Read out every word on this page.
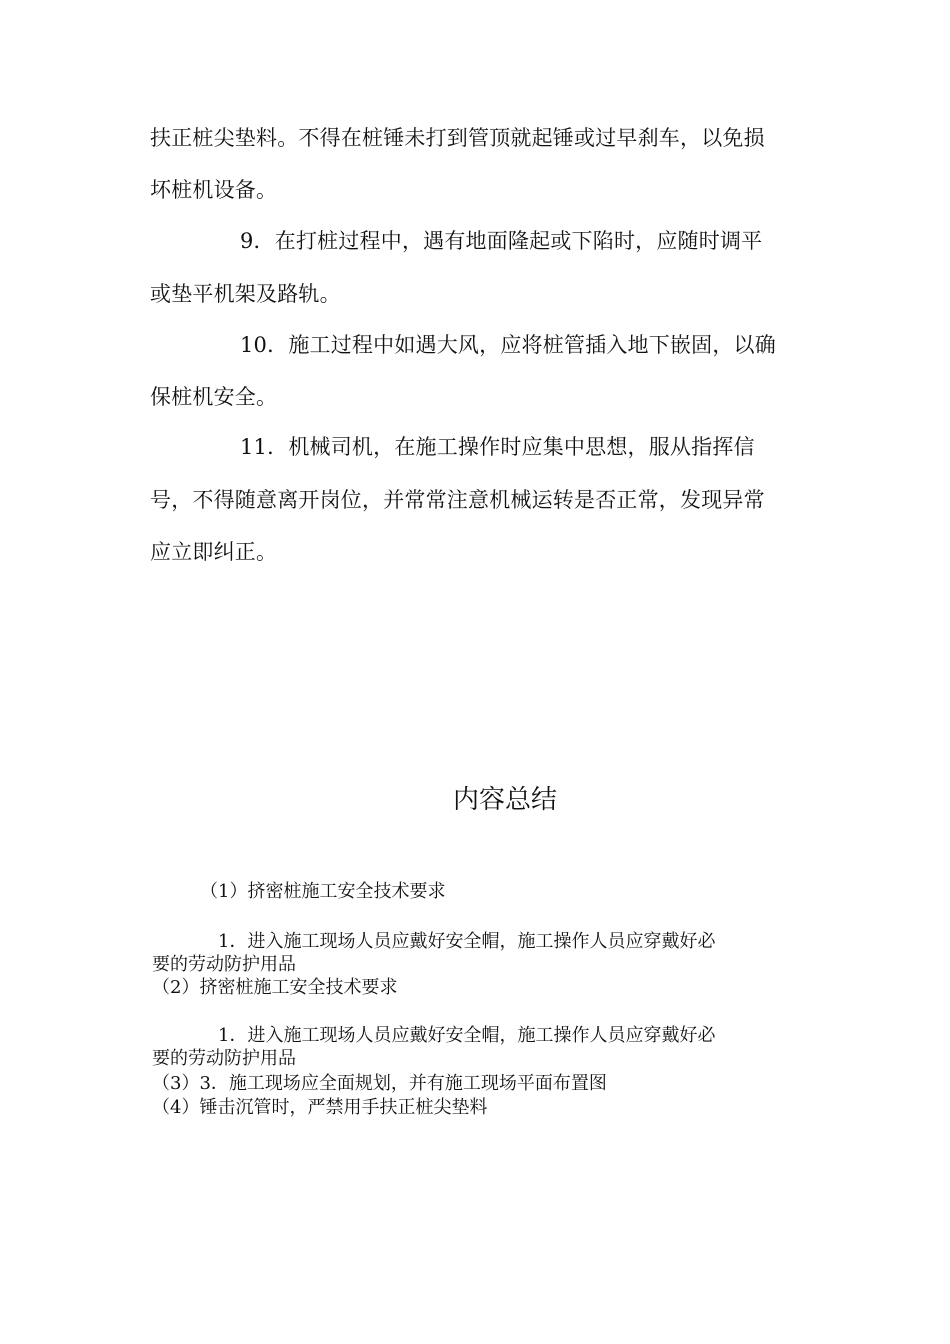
扶正桩尖垫料。不得在桩锤未打到管顶就起锤或过早刹车，以免损
坏桩机设备。
9．在打桩过程中，遇有地面隆起或下陷时，应随时调平
或垫平机架及路轨。
10．施工过程中如遇大风，应将桩管插入地下嵌固，以确
保桩机安全。
11．机械司机，在施工操作时应集中思想，服从指挥信
号，不得随意离开岗位，并常常注意机械运转是否正常，发现异常
应立即纠正。
内容总结
（1）挤密桩施工安全技术要求
1．进入施工现场人员应戴好安全帽，施工操作人员应穿戴好必
要的劳动防护用品
（2）挤密桩施工安全技术要求
1．进入施工现场人员应戴好安全帽，施工操作人员应穿戴好必
要的劳动防护用品
（3）3．施工现场应全面规划，并有施工现场平面布置图
（4）锤击沉管时，严禁用手扶正桩尖垫料
